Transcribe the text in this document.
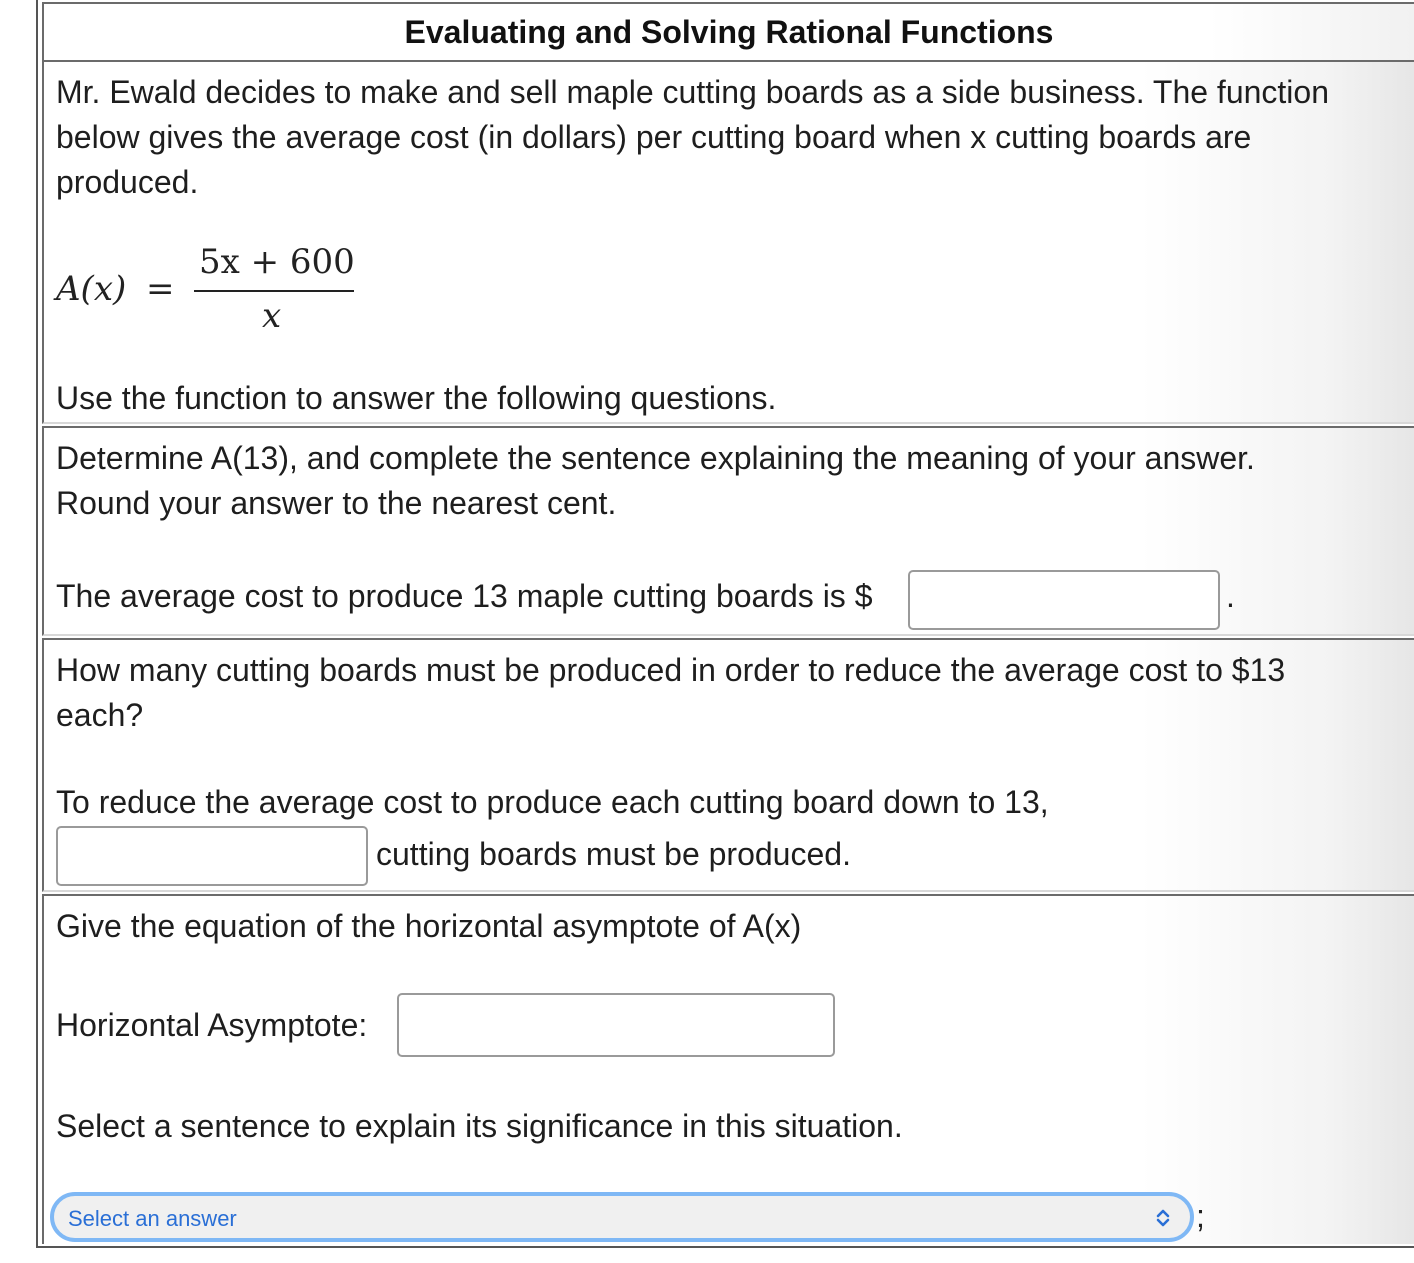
Evaluating and Solving Rational Functions
Mr. Ewald decides to make and sell maple cutting boards as a side business. The function
below gives the average cost (in dollars) per cutting board when x cutting boards are
produced.
A(x) =
5x + 600
x
Use the function to answer the following questions.
Determine A(13), and complete the sentence explaining the meaning of your answer.
Round your answer to the nearest cent.
The average cost to produce 13 maple cutting boards is $	.
How many cutting boards must be produced in order to reduce the average cost to $13
each?
To reduce the average cost to produce each cutting board down to 13,
cutting boards must be produced.
Give the equation of the horizontal asymptote of A(x)
Horizontal Asymptote:
Select a sentence to explain its significance in this situation.
Select an answer	;
